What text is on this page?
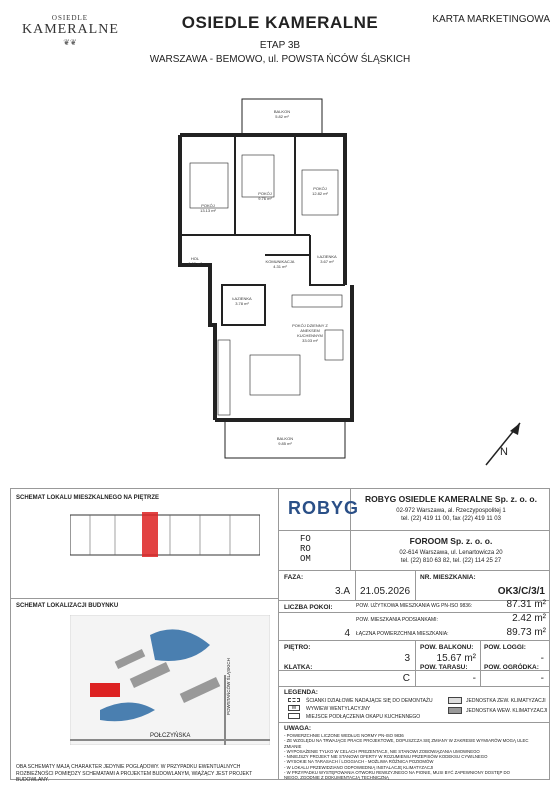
OSIEDLE
KAMERALNE
❦❦
OSIEDLE KAMERALNE
ETAP 3B
WARSZAWA - BEMOWO, ul. POWSTA ŃCÓW ŚLĄSKICH
KARTA MARKETINGOWA
BALKON
5.82 m²
POKÓJ
13.13 m²
POKÓJ
9.76 m²
POKÓJ
12.82 m²
HOL
6.60 m²	KOMUNIKACJA
4.31 m²
ŁAZIENKA
3.67 m²
ŁAZIENKA
3.78 m²
POKÓJ DZIENNY Z
ANEKSEM
KUCHENNYM
33.03 m²
BALKON
9.85 m²
N
SCHEMAT LOKALU MIESZKALNEGO NA PIĘTRZE
SCHEMAT LOKALIZACJI BUDYNKU
POŁCZYŃSKA
POWSTAŃCÓW ŚLĄSKICH
OBA SCHEMATY MAJĄ CHARAKTER JEDYNIE POGLĄDOWY. W PRZYPADKU EWENTUALNYCH ROZBIEŻNOŚCI POMIĘDZY SCHEMATAMI A PROJEKTEM BUDOWLANYM, WIĄŻĄCY JEST PROJEKT BUDOWLANY.
ROBYG ROBYG OSIEDLE KAMERALNE Sp. z. o. o.
02-972 Warszawa, al. Rzeczypospolitej 1
tel. (22) 419 11 00, fax (22) 419 11 03
FO
RO
OM
FOROOM Sp. z. o. o.
02-614 Warszawa, ul. Lenartowicza 20
tel. (22) 810 63 82, tel. (22) 114 25 27
FAZA:
3.A 21.05.2026
NR. MIESZKANIA:
OK3/C/3/1
LICZBA POKOI:
4
POW. UŻYTKOWA MIESZKANIA WG PN-ISO 9836:	87.31 m²
POW. MIESZKANIA PODSIANKAMI:	2.42 m²
ŁĄCZNA POWIERZCHNIA MIESZKANIA:	89.73 m²
PIĘTRO:
3
POW. BALKONU:
15.67 m²
POW. LOGGI:
-
KLATKA:
C
POW. TARASU:
-
POW. OGRÓDKA:
-
LEGENDA:
ŚCIANKI DZIAŁOWE NADAJĄCE SIĘ DO DEMONTAŻU
W	WYWIEW WENTYLACYJNY
MIEJSCE PODŁĄCZENIA OKAPU KUCHENNEGO
JEDNOSTKA ZEW. KLIMATYZACJI
JEDNOSTKA WEW. KLIMATYZACJI
UWAGA:
- POWIERZCHNIE LICZONE WEDŁUG NORMY PN-ISO 9836
- ZE WZGLĘDU NA TRWAJĄCE PRACE PROJEKTOWE, DOPUSZCZA SIĘ ZMIANY W ZAKRESIE WYMIARÓW MOGĄ ULEC ZMIANIE
- WYPOSAŻENIE TYLKO W CELACH PREZENTACJI, NIE STANOWI ZOBOWIĄZANIA UMOWNEGO
- NINIEJSZY PROJEKT NIE STANOWI OFERTY W ROZUMIENIU PRZEPISÓW KODEKSU CYWILNEGO
- WYSOKIE NA TARASACH / LOGGIACH - MOŻLIWA RÓŻNICA POZIOMÓW
- W LOKALU PRZEWIDZIANO ODPOWIEDNIĄ INSTALACJĘ KLIMATYZACJI
- W PRZYPADKU WYSTĘPOWANIA OTWORU REWIZYJNEGO NA PIONIE, MUSI BYĆ ZAPEWNIONY DOSTĘP DO
NIEGO, ZGODNIE Z DOKUMENTACJĄ TECHNICZNĄ
